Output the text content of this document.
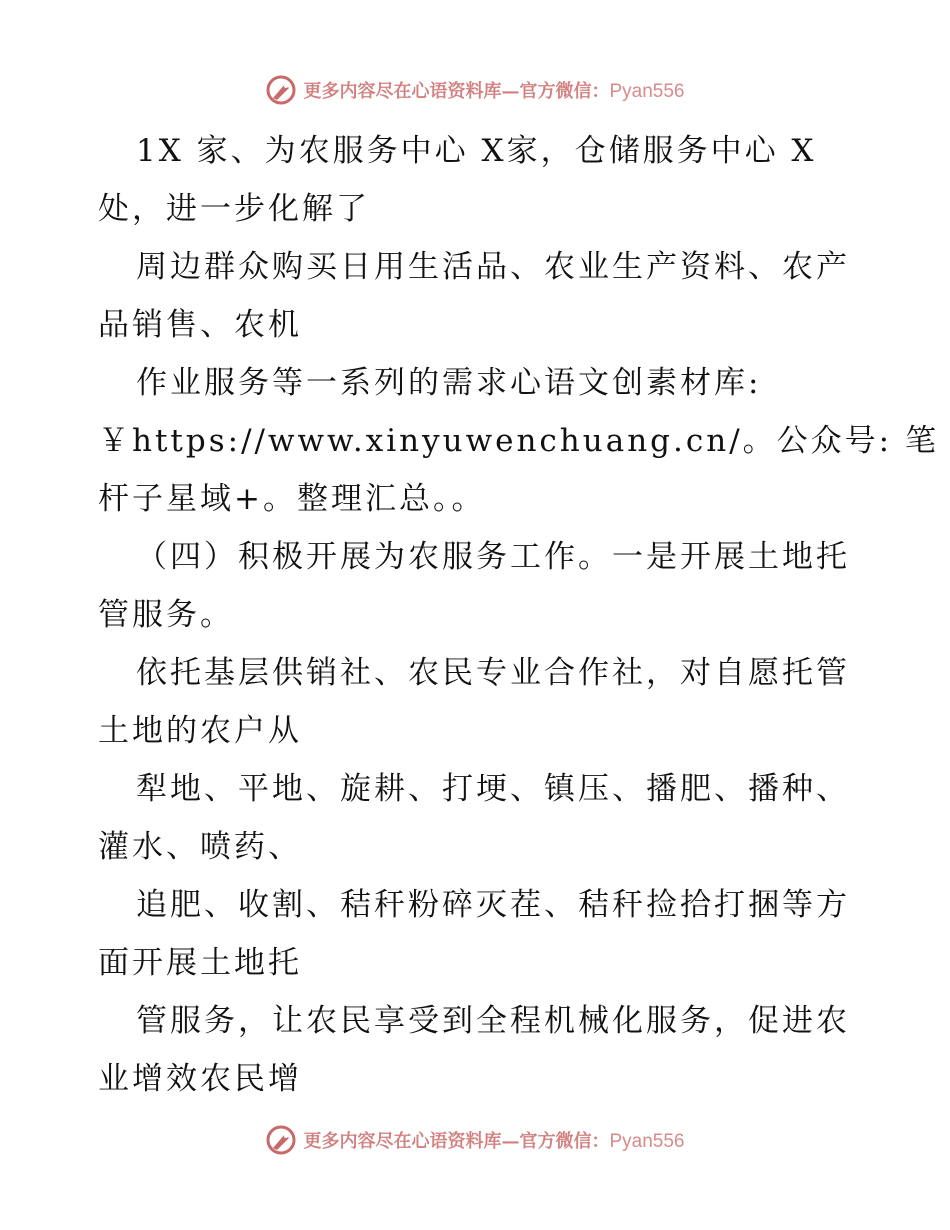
更多内容尽在心语资料库—官方微信：Pyan556
1X 家、为农服务中心 X家，仓储服务中心 X
处，进一步化解了
周边群众购买日用生活品、农业生产资料、农产
品销售、农机
作业服务等一系列的需求心语文创素材库:
￥https://www.xinyuwenchuang.cn/。公众号: 笔
杆子星域+。整理汇总。。
（四）积极开展为农服务工作。一是开展土地托
管服务。
依托基层供销社、农民专业合作社，对自愿托管
土地的农户从
犁地、平地、旋耕、打埂、镇压、播肥、播种、
灌水、喷药、
追肥、收割、秸秆粉碎灭茬、秸秆捡拾打捆等方
面开展土地托
管服务，让农民享受到全程机械化服务，促进农
业增效农民增
更多内容尽在心语资料库—官方微信：Pyan556
